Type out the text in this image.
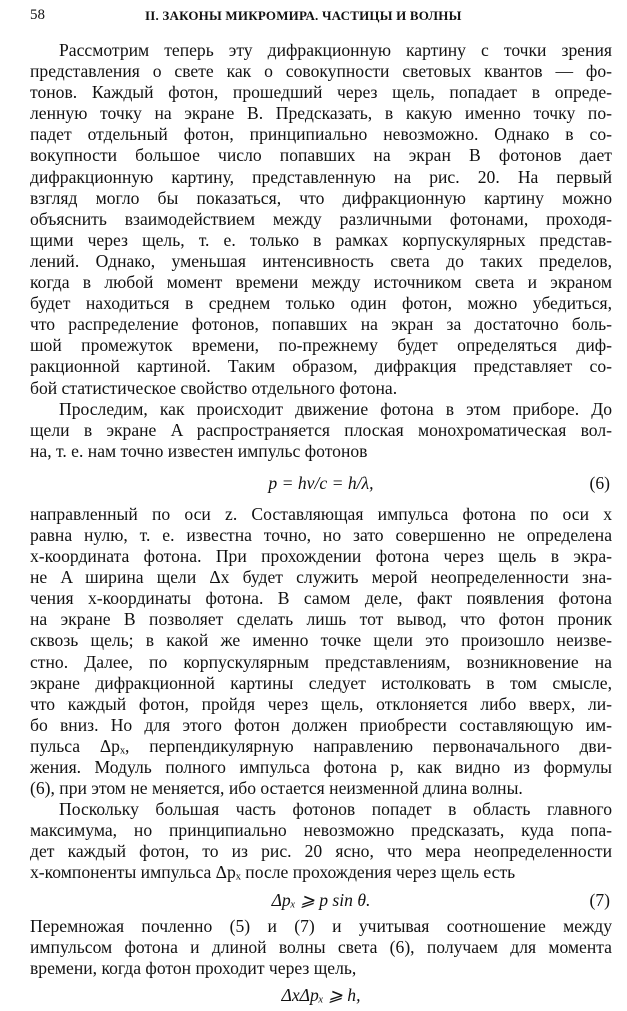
58	II. ЗАКОНЫ МИКРОМИРА. ЧАСТИЦЫ И ВОЛНЫ
Рассмотрим теперь эту дифракционную картину с точки зрения
представления о свете как о совокупности световых квантов — фо-
тонов. Каждый фотон, прошедший через щель, попадает в опреде-
ленную точку на экране B. Предсказать, в какую именно точку по-
падет отдельный фотон, принципиально невозможно. Однако в со-
вокупности большое число попавших на экран B фотонов дает
дифракционную картину, представленную на рис. 20. На первый
взгляд могло бы показаться, что дифракционную картину можно
объяснить взаимодействием между различными фотонами, проходя-
щими через щель, т. е. только в рамках корпускулярных представ-
лений. Однако, уменьшая интенсивность света до таких пределов,
когда в любой момент времени между источником света и экраном
будет находиться в среднем только один фотон, можно убедиться,
что распределение фотонов, попавших на экран за достаточно боль-
шой промежуток времени, по-прежнему будет определяться диф-
ракционной картиной. Таким образом, дифракция представляет со-
бой статистическое свойство отдельного фотона.
Проследим, как происходит движение фотона в этом приборе. До
щели в экране A распространяется плоская монохроматическая вол-
на, т. е. нам точно известен импульс фотонов
p = hν/c = h/λ,	(6)
направленный по оси z. Составляющая импульса фотона по оси x
равна нулю, т. е. известна точно, но зато совершенно не определена
x-координата фотона. При прохождении фотона через щель в экра-
не A ширина щели Δx будет служить мерой неопределенности зна-
чения x-координаты фотона. В самом деле, факт появления фотона
на экране B позволяет сделать лишь тот вывод, что фотон проник
сквозь щель; в какой же именно точке щели это произошло неизве-
стно. Далее, по корпускулярным представлениям, возникновение на
экране дифракционной картины следует истолковать в том смысле,
что каждый фотон, пройдя через щель, отклоняется либо вверх, ли-
бо вниз. Но для этого фотон должен приобрести составляющую им-
пульса Δpₓ, перпендикулярную направлению первоначального дви-
жения. Модуль полного импульса фотона p, как видно из формулы
(6), при этом не меняется, ибо остается неизменной длина волны.
Поскольку большая часть фотонов попадет в область главного
максимума, но принципиально невозможно предсказать, куда попа-
дет каждый фотон, то из рис. 20 ясно, что мера неопределенности
x-компоненты импульса Δpₓ после прохождения через щель есть
Δpₓ ⩾ p sin θ.	(7)
Перемножая почленно (5) и (7) и учитывая соотношение между
импульсом фотона и длиной волны света (6), получаем для момента
времени, когда фотон проходит через щель,
ΔxΔpₓ ⩾ h,
